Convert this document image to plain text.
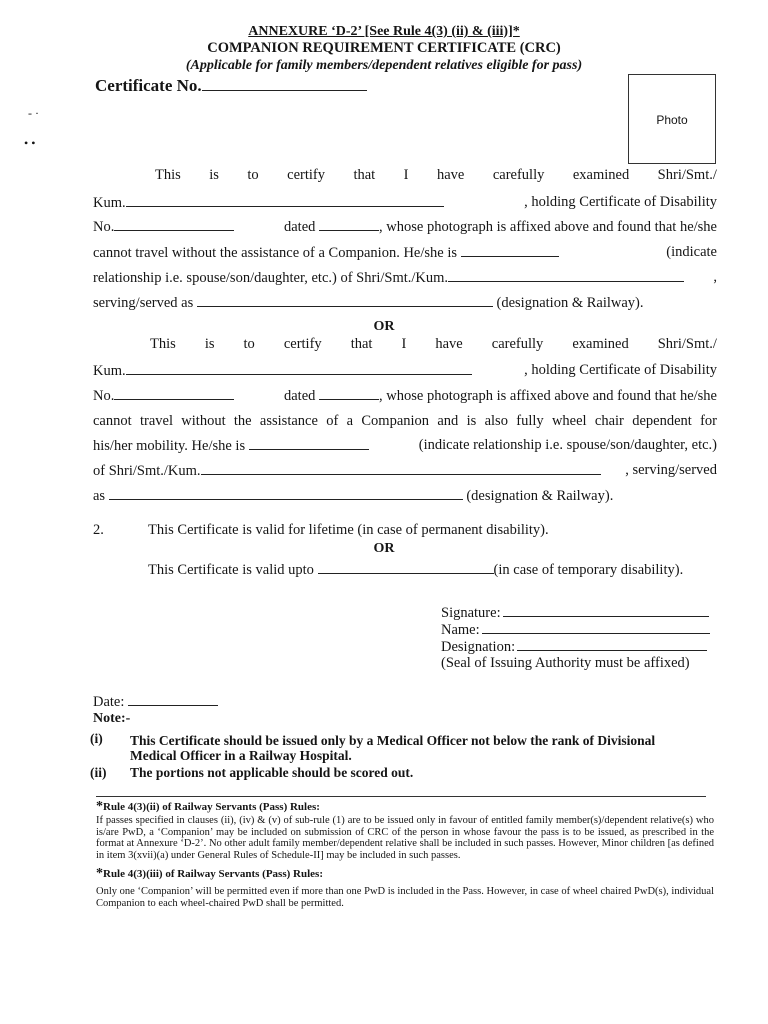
ANNEXURE ‘D-2’ [See Rule 4(3) (ii) & (iii)]*
COMPANION REQUIREMENT CERTIFICATE (CRC)
(Applicable for family members/dependent relatives eligible for pass)
Certificate No.
Photo
- ·
• •
This is to certify that I have carefully examined Shri/Smt./
Kum.	, holding Certificate of Disability
No.	dated	, whose photograph is affixed above and found that he/she
cannot travel without the assistance of a Companion. He/she is	(indicate
relationship i.e. spouse/son/daughter, etc.) of Shri/Smt./Kum.	,
serving/served as	(designation & Railway).
OR
This is to certify that I have carefully examined Shri/Smt./
Kum.	, holding Certificate of Disability
No.	dated	, whose photograph is affixed above and found that he/she
cannot travel without the assistance of a Companion and is also fully wheel chair dependent for
his/her mobility. He/she is	(indicate relationship i.e. spouse/son/daughter, etc.)
of Shri/Smt./Kum.	, serving/served
as	(designation & Railway).
2.	This Certificate is valid for lifetime (in case of permanent disability).
OR
This Certificate is valid upto	(in case of temporary disability).
Signature:
Name:
Designation:
(Seal of Issuing Authority must be affixed)
Date:
Note:-
(i) This Certificate should be issued only by a Medical Officer not below the rank of Divisional
Medical Officer in a Railway Hospital.
(ii) The portions not applicable should be scored out.
*Rule 4(3)(ii) of Railway Servants (Pass) Rules:
If passes specified in clauses (ii), (iv) & (v) of sub-rule (1) are to be issued only in favour of entitled family member(s)/dependent relative(s) who is/are PwD, a ‘Companion’ may be included on submission of CRC of the person in whose favour the pass is to be issued, as prescribed in the format at Annexure ‘D-2’. No other adult family member/dependent relative shall be included in such passes. However, Minor children [as defined in item 3(xvii)(a) under General Rules of Schedule-II] may be included in such passes.
*Rule 4(3)(iii) of Railway Servants (Pass) Rules:
Only one ‘Companion’ will be permitted even if more than one PwD is included in the Pass. However, in case of wheel chaired PwD(s), individual Companion to each wheel-chaired PwD shall be permitted.
